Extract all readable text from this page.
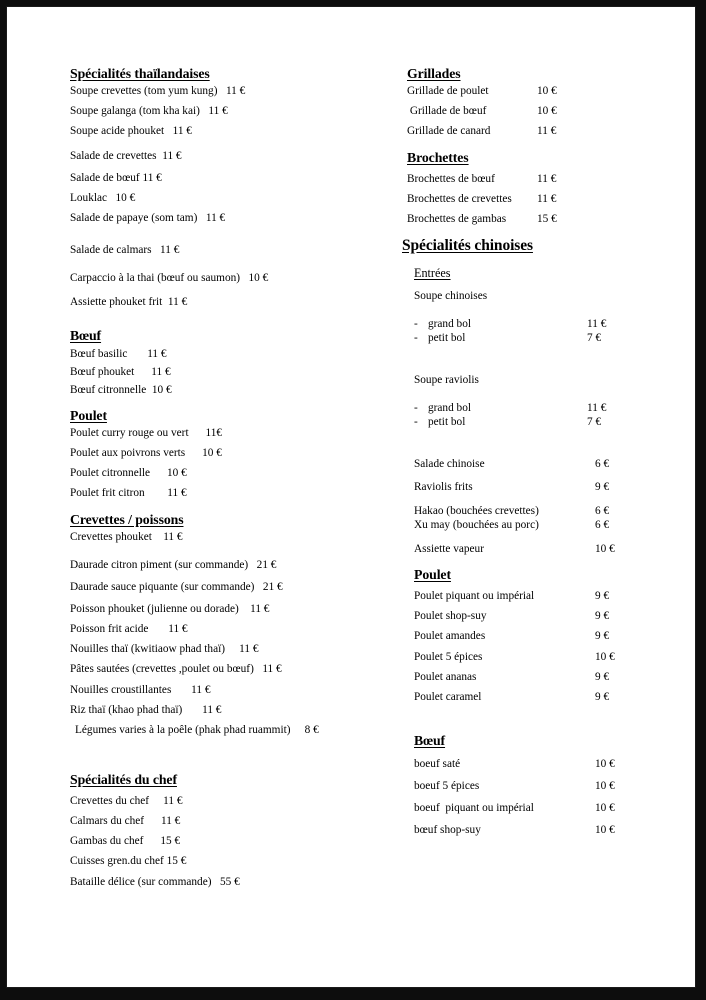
Spécialités thaïlandaises
Soupe crevettes (tom yum kung) 11 €
Soupe galanga (tom kha kai) 11 €
Soupe acide phouket 11 €
Salade de crevettes 11 €
Salade de bœuf 11 €
Louklac 10 €
Salade de papaye (som tam) 11 €
Salade de calmars 11 €
Carpaccio à la thai (bœuf ou saumon) 10 €
Assiette phouket frit 11 €
Bœuf
Bœuf basilic 11 €
Bœuf phouket 11 €
Bœuf citronnelle 10 €
Poulet
Poulet curry rouge ou vert 11€
Poulet aux poivrons verts 10 €
Poulet citronnelle 10 €
Poulet frit citron 11 €
Crevettes / poissons
Crevettes phouket 11 €
Daurade citron piment (sur commande) 21 €
Daurade sauce piquante (sur commande) 21 €
Poisson phouket (julienne ou dorade) 11 €
Poisson frit acide 11 €
Nouilles thaï (kwitiaow phad thaï) 11 €
Pâtes sautées (crevettes ,poulet ou bœuf) 11 €
Nouilles croustillantes 11 €
Riz thaï (khao phad thaï) 11 €
Légumes varies à la poêle (phak phad ruammit) 8 €
Spécialités du chef
Crevettes du chef 11 €
Calmars du chef 11 €
Gambas du chef 15 €
Cuisses gren.du chef 15 €
Bataille délice (sur commande) 55 €
Grillades
Grillade de poulet	10 €
Grillade de bœuf	10 €
Grillade de canard	11 €
Brochettes
Brochettes de bœuf	11 €
Brochettes de crevettes 11 €
Brochettes de gambas	15 €
Spécialités chinoises
Entrées
Soupe chinoises
- grand bol	11 €
- petit bol	7 €
Soupe raviolis
- grand bol	11 €
- petit bol	7 €
Salade chinoise	6 €
Raviolis frits	9 €
Hakao (bouchées crevettes)	6 €
Xu may (bouchées au porc)	6 €
Assiette vapeur	10 €
Poulet
Poulet piquant ou impérial	9 €
Poulet shop-suy	9 €
Poulet amandes	9 €
Poulet 5 épices	10 €
Poulet ananas	9 €
Poulet caramel	9 €
Bœuf
boeuf saté	10 €
boeuf 5 épices	10 €
boeuf  piquant ou impérial	10 €
bœuf shop-suy	10 €
